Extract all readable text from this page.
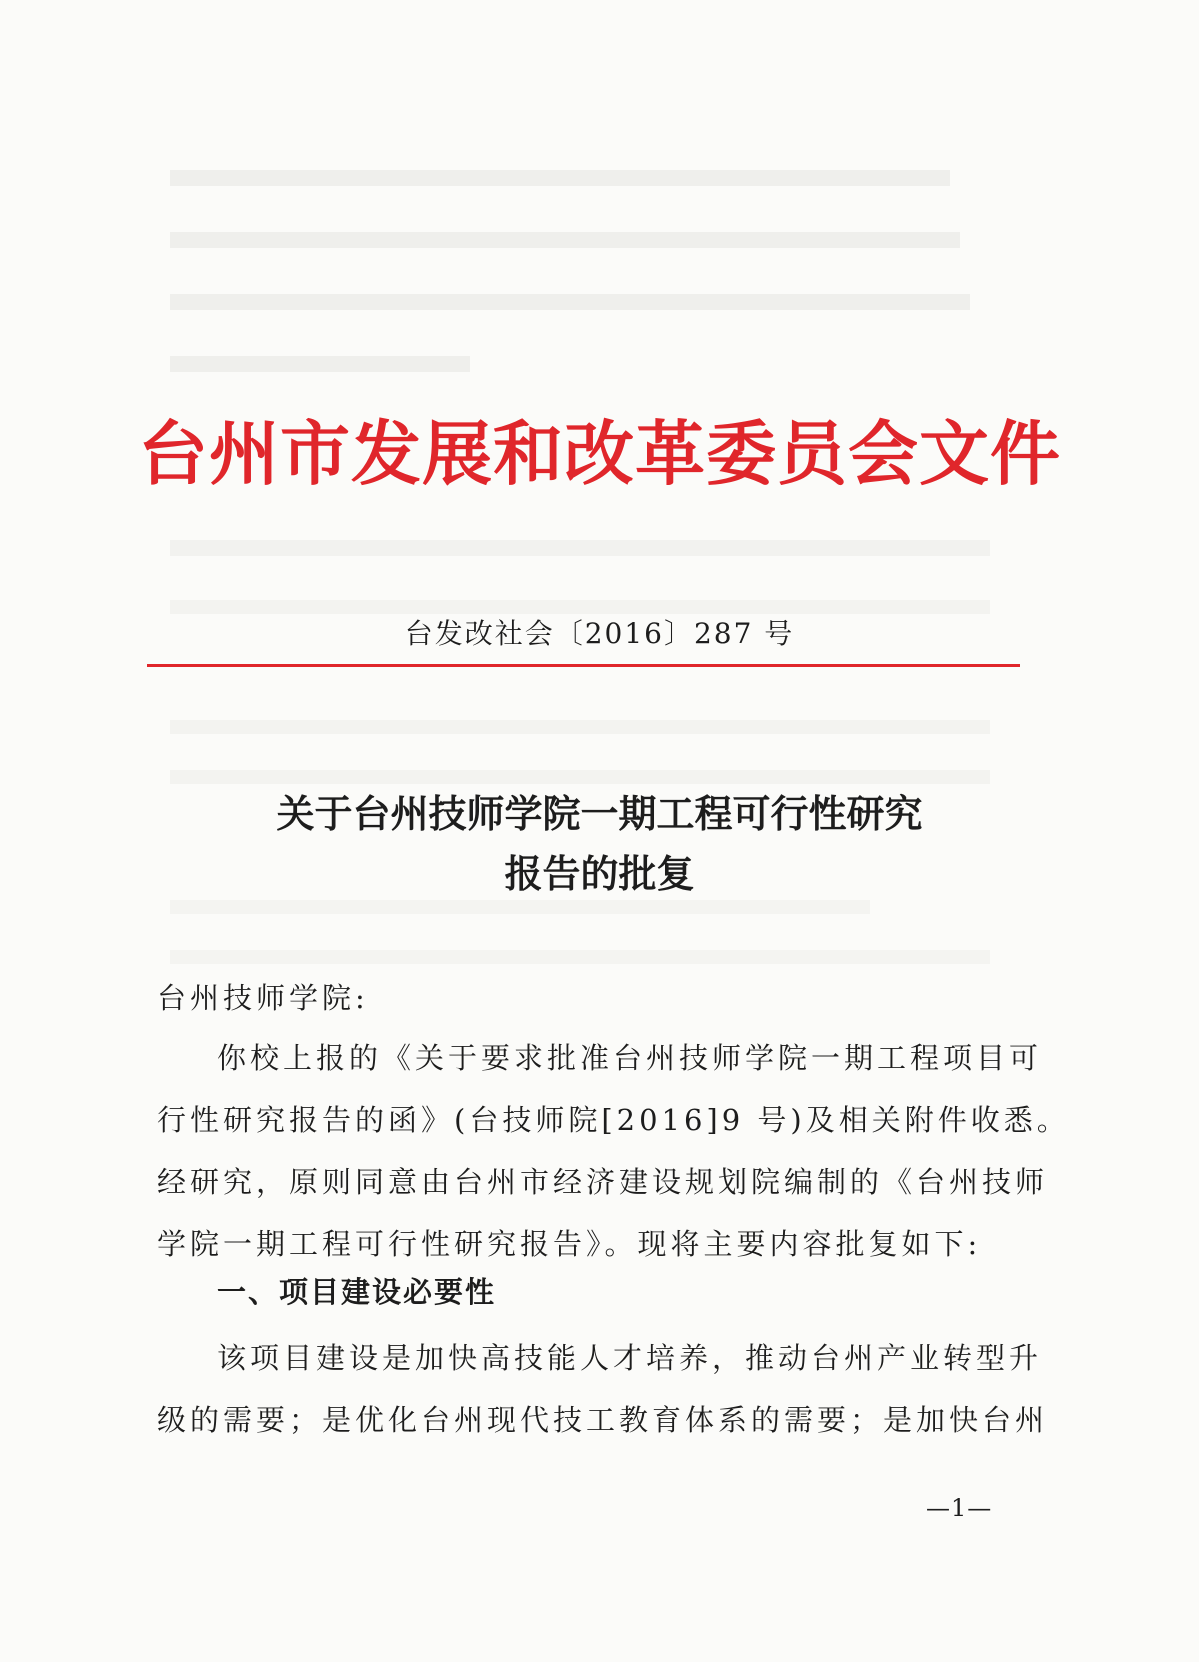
台州市发展和改革委员会文件
台发改社会〔2016〕287 号
关于台州技师学院一期工程可行性研究
报告的批复
台州技师学院:
你校上报的《关于要求批准台州技师学院一期工程项目可
行性研究报告的函》(台技师院[2016]9 号)及相关附件收悉。
经研究，原则同意由台州市经济建设规划院编制的《台州技师
学院一期工程可行性研究报告》。现将主要内容批复如下:
一、项目建设必要性
该项目建设是加快高技能人才培养，推动台州产业转型升
级的需要；是优化台州现代技工教育体系的需要；是加快台州
—1—
